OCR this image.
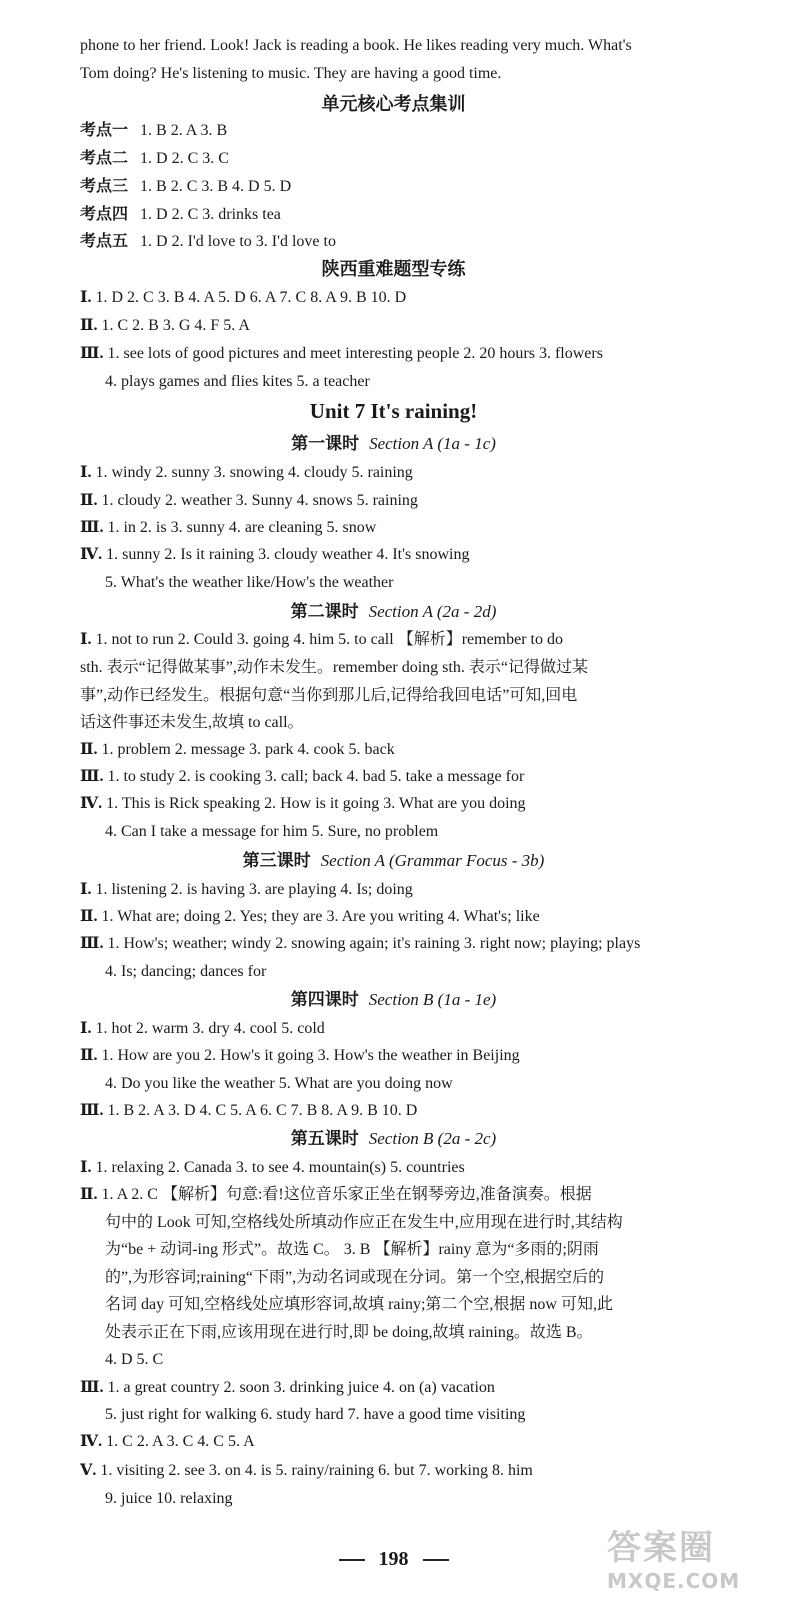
phone to her friend. Look! Jack is reading a book. He likes reading very much. What's
Tom doing? He's listening to music. They are having a good time.
单元核心考点集训
考点一 1. B 2. A 3. B
考点二 1. D 2. C 3. C
考点三 1. B 2. C 3. B 4. D 5. D
考点四 1. D 2. C 3. drinks tea
考点五 1. D 2. I'd love to 3. I'd love to
陕西重难题型专练
Ⅰ. 1. D 2. C 3. B 4. A 5. D 6. A 7. C 8. A 9. B 10. D
Ⅱ. 1. C 2. B 3. G 4. F 5. A
Ⅲ. 1. see lots of good pictures and meet interesting people 2. 20 hours 3. flowers
4. plays games and flies kites 5. a teacher
Unit 7 It's raining!
第一课时 Section A (1a - 1c)
Ⅰ. 1. windy 2. sunny 3. snowing 4. cloudy 5. raining
Ⅱ. 1. cloudy 2. weather 3. Sunny 4. snows 5. raining
Ⅲ. 1. in 2. is 3. sunny 4. are cleaning 5. snow
Ⅳ. 1. sunny 2. Is it raining 3. cloudy weather 4. It's snowing
5. What's the weather like/How's the weather
第二课时 Section A (2a - 2d)
Ⅰ. 1. not to run 2. Could 3. going 4. him 5. to call 【解析】remember to do
sth. 表示“记得做某事”,动作未发生。remember doing sth. 表示“记得做过某
事”,动作已经发生。根据句意“当你到那儿后,记得给我回电话”可知,回电
话这件事还未发生,故填 to call。
Ⅱ. 1. problem 2. message 3. park 4. cook 5. back
Ⅲ. 1. to study 2. is cooking 3. call; back 4. bad 5. take a message for
Ⅳ. 1. This is Rick speaking 2. How is it going 3. What are you doing
4. Can I take a message for him 5. Sure, no problem
第三课时 Section A (Grammar Focus - 3b)
Ⅰ. 1. listening 2. is having 3. are playing 4. Is; doing
Ⅱ. 1. What are; doing 2. Yes; they are 3. Are you writing 4. What's; like
Ⅲ. 1. How's; weather; windy 2. snowing again; it's raining 3. right now; playing; plays
4. Is; dancing; dances for
第四课时 Section B (1a - 1e)
Ⅰ. 1. hot 2. warm 3. dry 4. cool 5. cold
Ⅱ. 1. How are you 2. How's it going 3. How's the weather in Beijing
4. Do you like the weather 5. What are you doing now
Ⅲ. 1. B 2. A 3. D 4. C 5. A 6. C 7. B 8. A 9. B 10. D
第五课时 Section B (2a - 2c)
Ⅰ. 1. relaxing 2. Canada 3. to see 4. mountain(s) 5. countries
Ⅱ. 1. A 2. C 【解析】句意:看!这位音乐家正坐在钢琴旁边,准备演奏。根据
句中的 Look 可知,空格线处所填动作应正在发生中,应用现在进行时,其结构
为“be + 动词-ing 形式”。故选 C。 3. B 【解析】rainy 意为“多雨的;阴雨
的”,为形容词;raining“下雨”,为动名词或现在分词。第一个空,根据空后的
名词 day 可知,空格线处应填形容词,故填 rainy;第二个空,根据 now 可知,此
处表示正在下雨,应该用现在进行时,即 be doing,故填 raining。故选 B。
4. D 5. C
Ⅲ. 1. a great country 2. soon 3. drinking juice 4. on (a) vacation
5. just right for walking 6. study hard 7. have a good time visiting
Ⅳ. 1. C 2. A 3. C 4. C 5. A
Ⅴ. 1. visiting 2. see 3. on 4. is 5. rainy/raining 6. but 7. working 8. him
9. juice 10. relaxing
198	答案圈
MXQE.COM
